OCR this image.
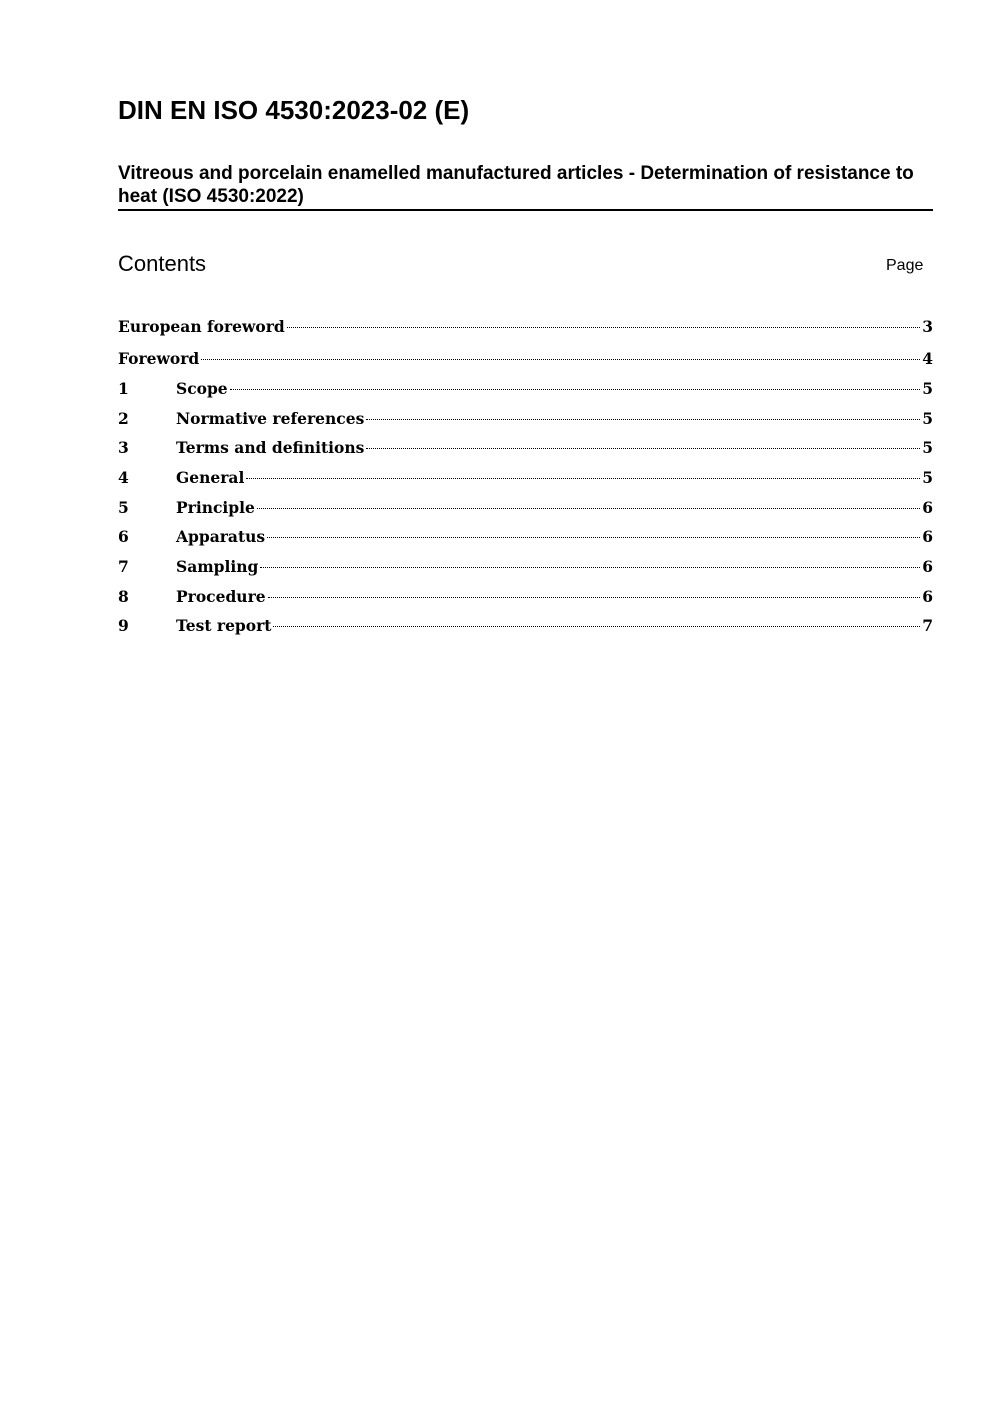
DIN EN ISO 4530:2023-02 (E)
Vitreous and porcelain enamelled manufactured articles - Determination of resistance to heat (ISO 4530:2022)
Contents	Page
European foreword	3
Foreword	4
1	Scope	5
2	Normative references	5
3	Terms and definitions	5
4	General	5
5	Principle	6
6	Apparatus	6
7	Sampling	6
8	Procedure	6
9	Test report	7
